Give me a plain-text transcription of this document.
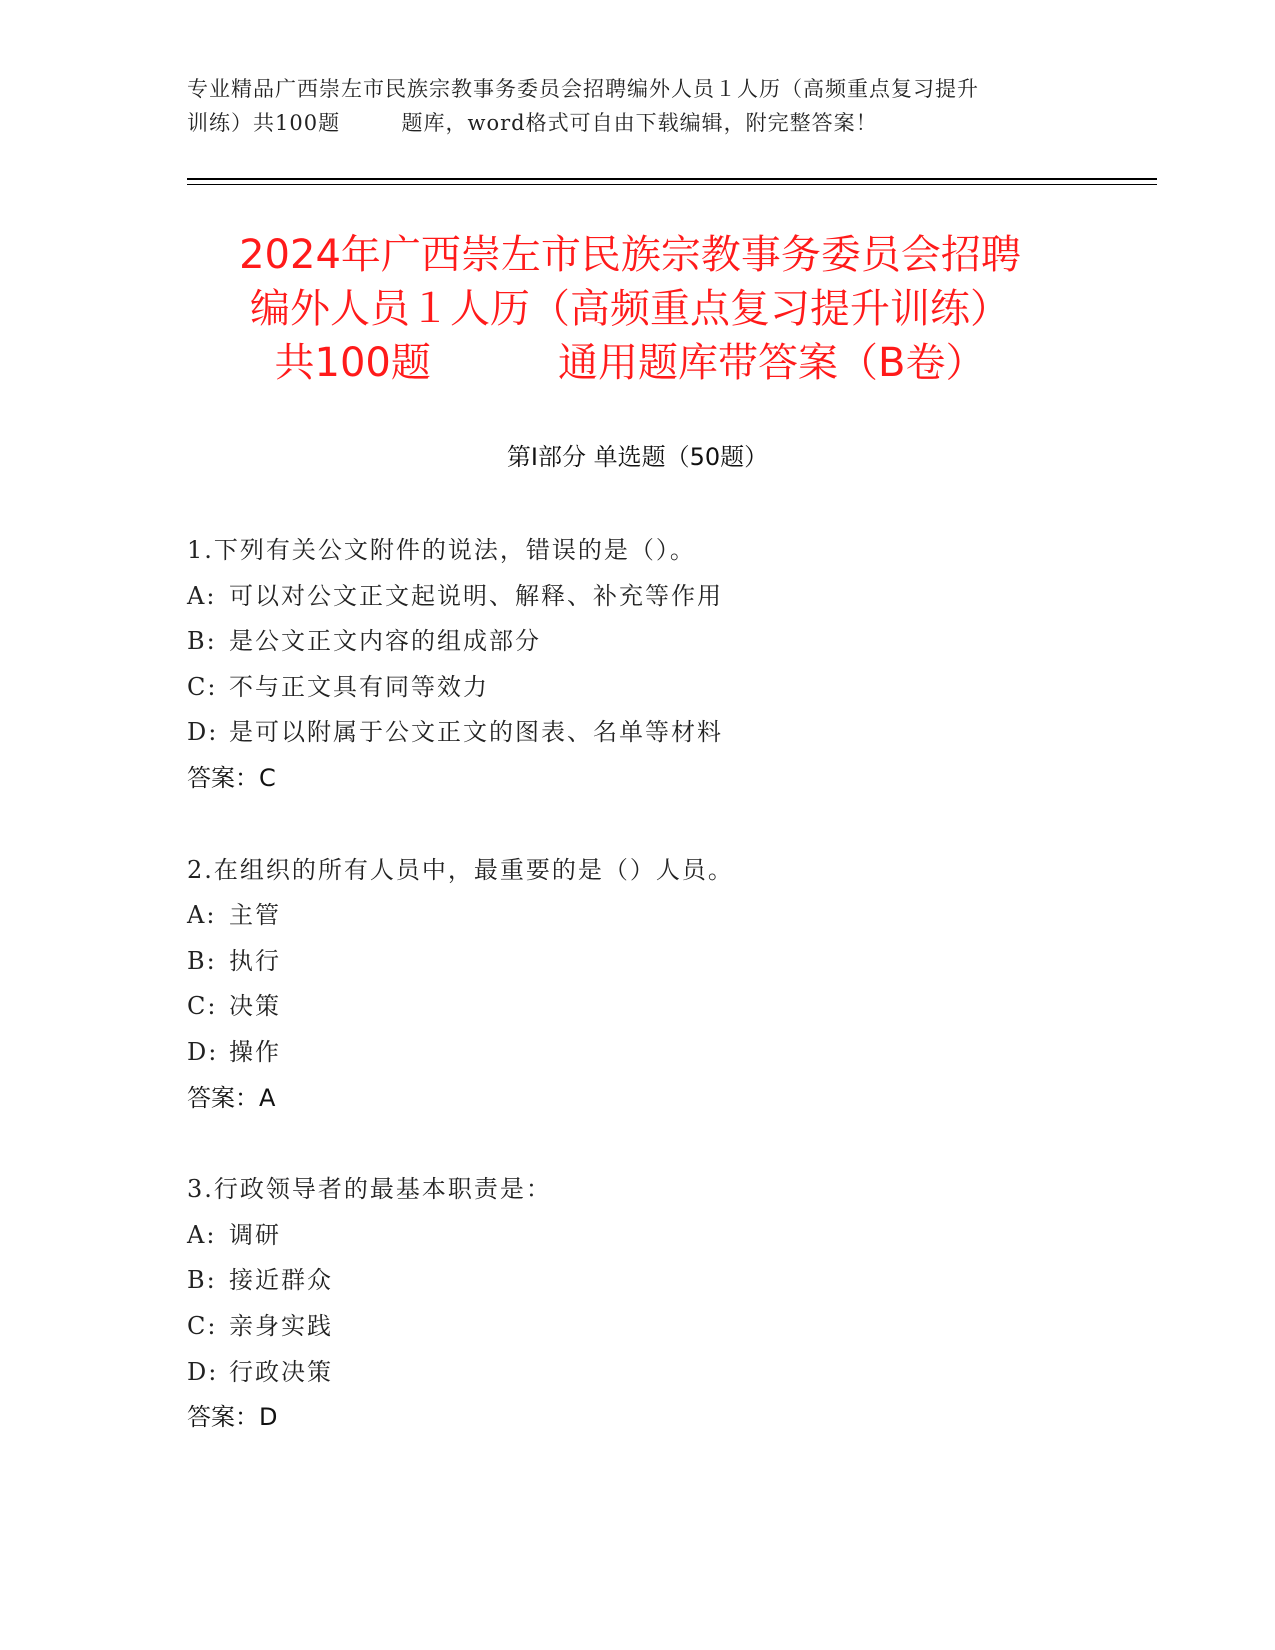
专业精品广西崇左市民族宗教事务委员会招聘编外人员１人历（高频重点复习提升
训练）共100题        题库，word格式可自由下载编辑，附完整答案！
2024年广西崇左市民族宗教事务委员会招聘
编外人员１人历（高频重点复习提升训练）
共100题          通用题库带答案（B卷）
第Ⅰ部分 单选题（50题）
1.下列有关公文附件的说法，错误的是（）。
A: 可以对公文正文起说明、解释、补充等作用
B: 是公文正文内容的组成部分
C: 不与正文具有同等效力
D: 是可以附属于公文正文的图表、名单等材料
答案：C
2.在组织的所有人员中，最重要的是（）人员。
A: 主管
B: 执行
C: 决策
D: 操作
答案：A
3.行政领导者的最基本职责是：
A: 调研
B: 接近群众
C: 亲身实践
D: 行政决策
答案：D
